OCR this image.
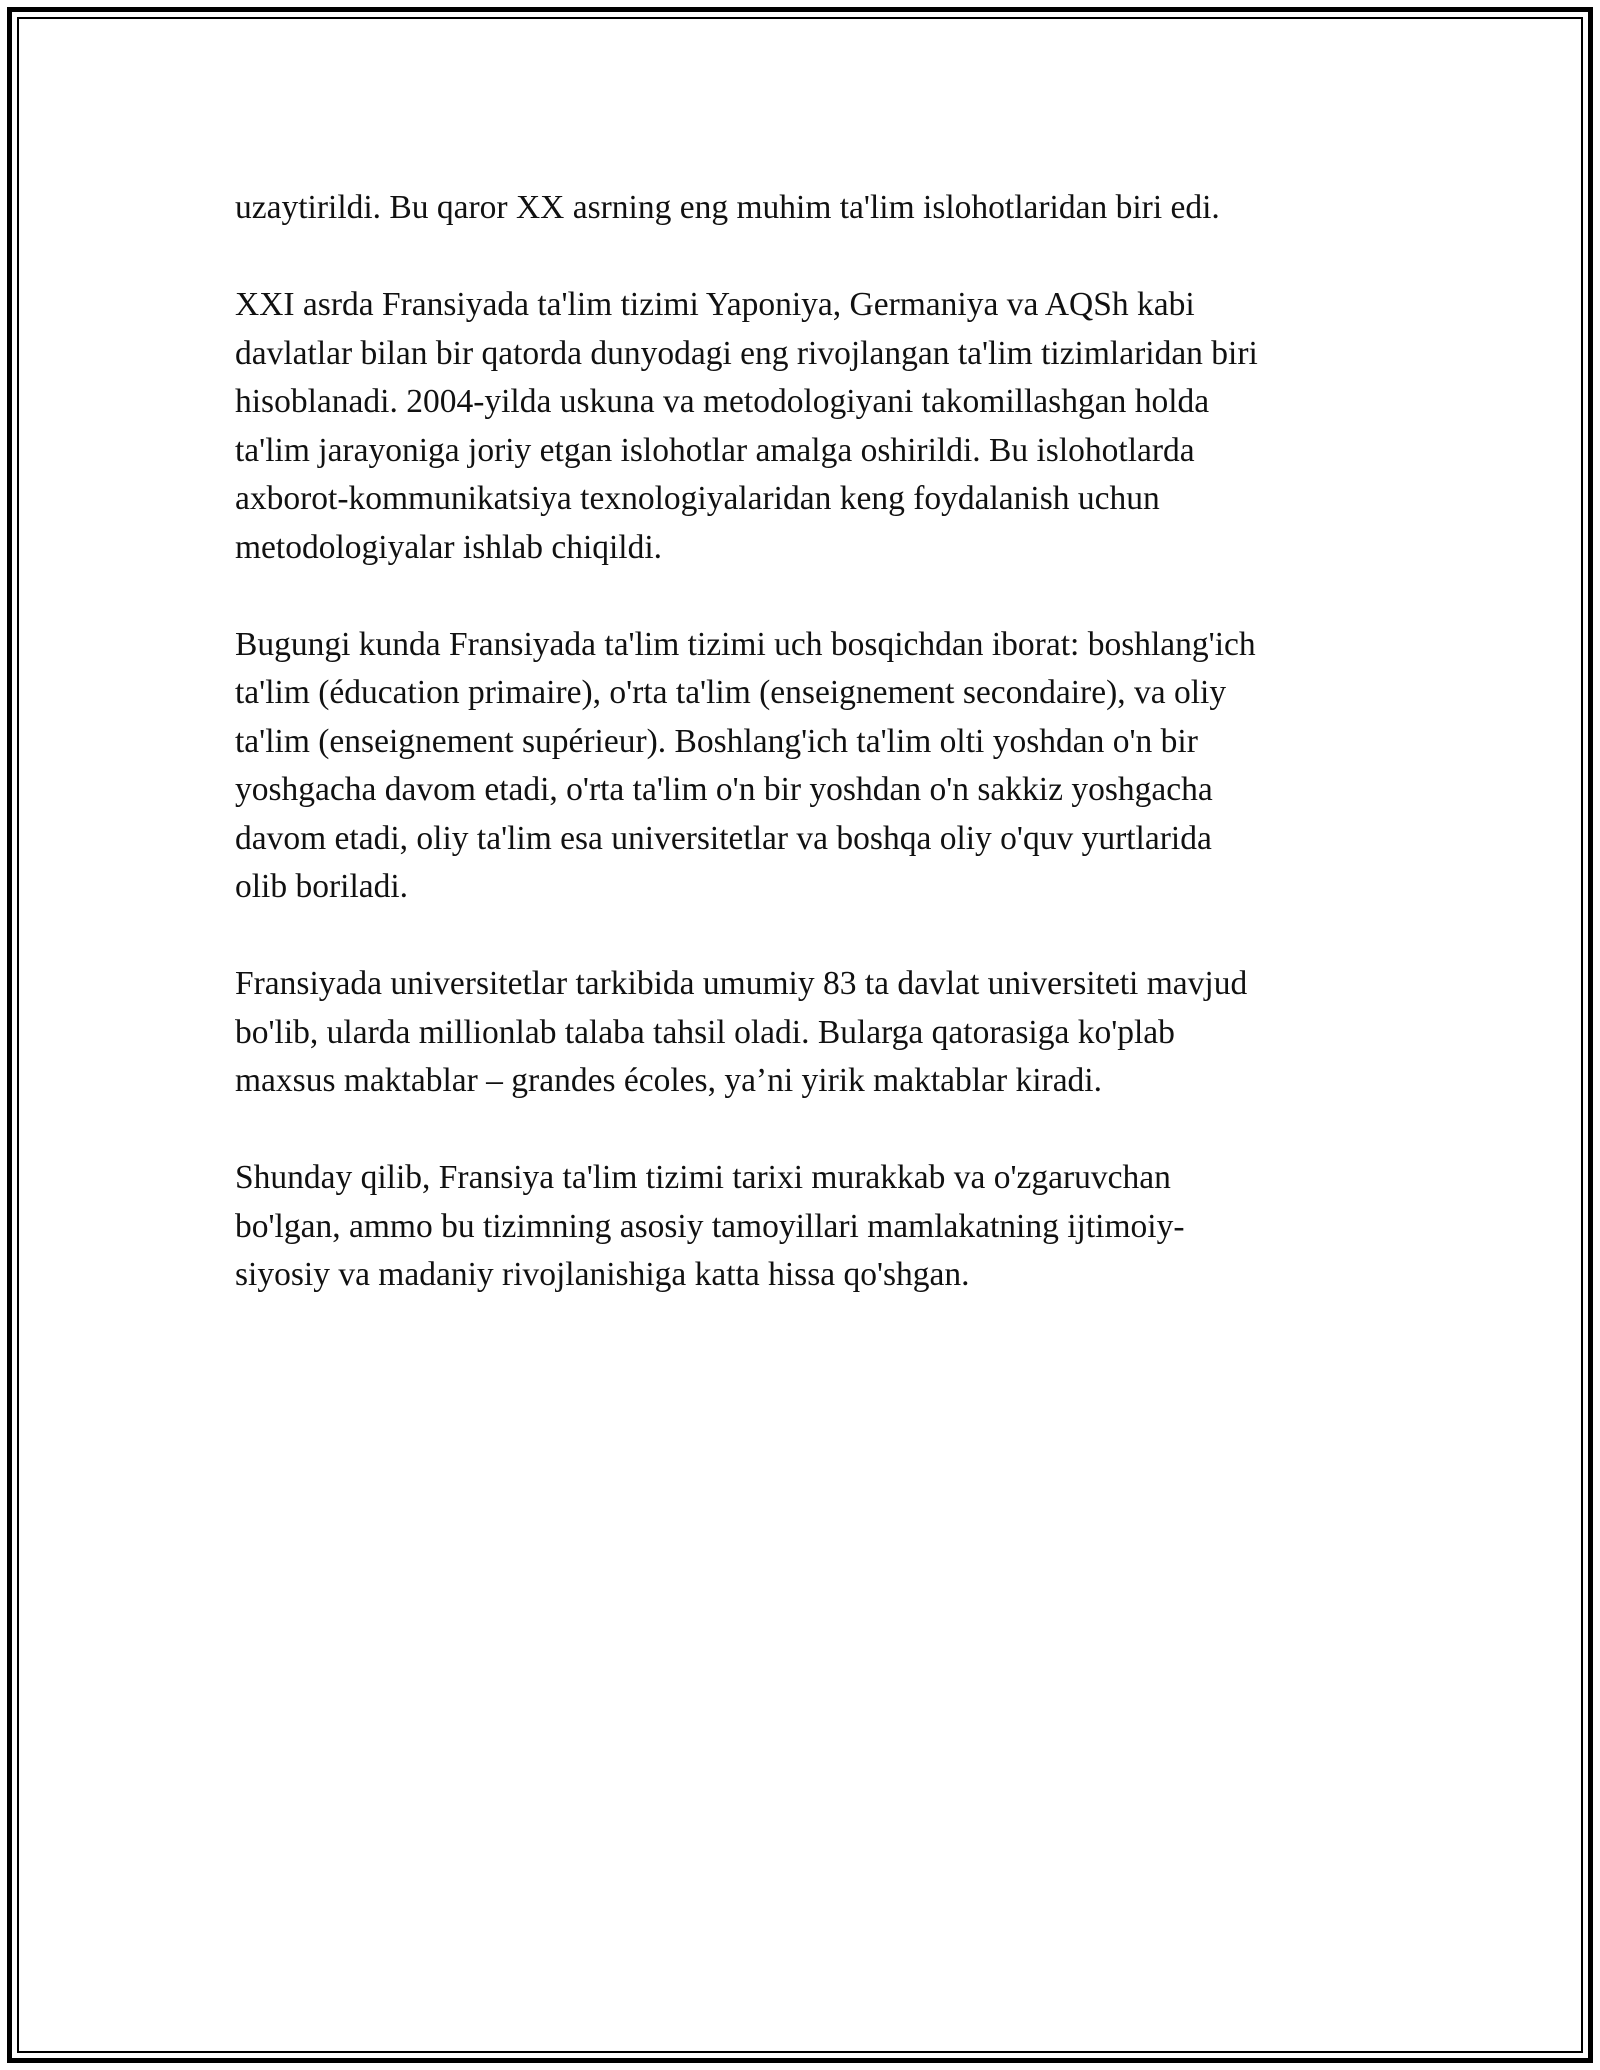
uzaytirildi. Bu qaror XX asrning eng muhim ta'lim islohotlaridan biri edi.

XXI asrda Fransiyada ta'lim tizimi Yaponiya, Germaniya va AQSh kabi
davlatlar bilan bir qatorda dunyodagi eng rivojlangan ta'lim tizimlaridan biri
hisoblanadi. 2004-yilda uskuna va metodologiyani takomillashgan holda
ta'lim jarayoniga joriy etgan islohotlar amalga oshirildi. Bu islohotlarda
axborot-kommunikatsiya texnologiyalaridan keng foydalanish uchun
metodologiyalar ishlab chiqildi.

Bugungi kunda Fransiyada ta'lim tizimi uch bosqichdan iborat: boshlang'ich
ta'lim (éducation primaire), o'rta ta'lim (enseignement secondaire), va oliy
ta'lim (enseignement supérieur). Boshlang'ich ta'lim olti yoshdan o'n bir
yoshgacha davom etadi, o'rta ta'lim o'n bir yoshdan o'n sakkiz yoshgacha
davom etadi, oliy ta'lim esa universitetlar va boshqa oliy o'quv yurtlarida
olib boriladi.

Fransiyada universitetlar tarkibida umumiy 83 ta davlat universiteti mavjud
bo'lib, ularda millionlab talaba tahsil oladi. Bularga qatorasiga ko'plab
maxsus maktablar – grandes écoles, ya’ni yirik maktablar kiradi.

Shunday qilib, Fransiya ta'lim tizimi tarixi murakkab va o'zgaruvchan
bo'lgan, ammo bu tizimning asosiy tamoyillari mamlakatning ijtimoiy-
siyosiy va madaniy rivojlanishiga katta hissa qo'shgan.
